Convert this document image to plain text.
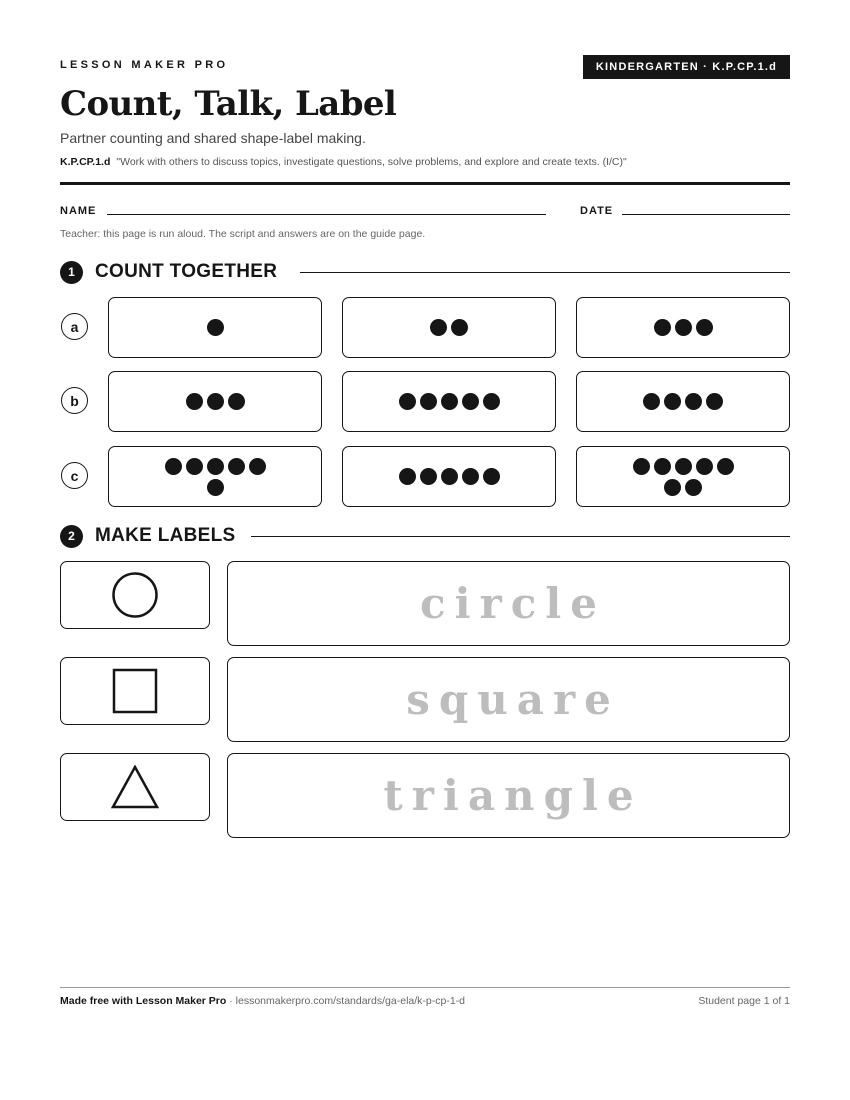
LESSON MAKER PRO	KINDERGARTEN · K.P.CP.1.d
Count, Talk, Label
Partner counting and shared shape-label making.
K.P.CP.1.d "Work with others to discuss topics, investigate questions, solve problems, and explore and create texts. (I/C)"
NAME	DATE
Teacher: this page is run aloud. The script and answers are on the guide page.
1	COUNT TOGETHER
a
b
c
2	MAKE LABELS
circle
square
triangle
Made free with Lesson Maker Pro · lessonmakerpro.com/standards/ga-ela/k-p-cp-1-d	Student page 1 of 1
